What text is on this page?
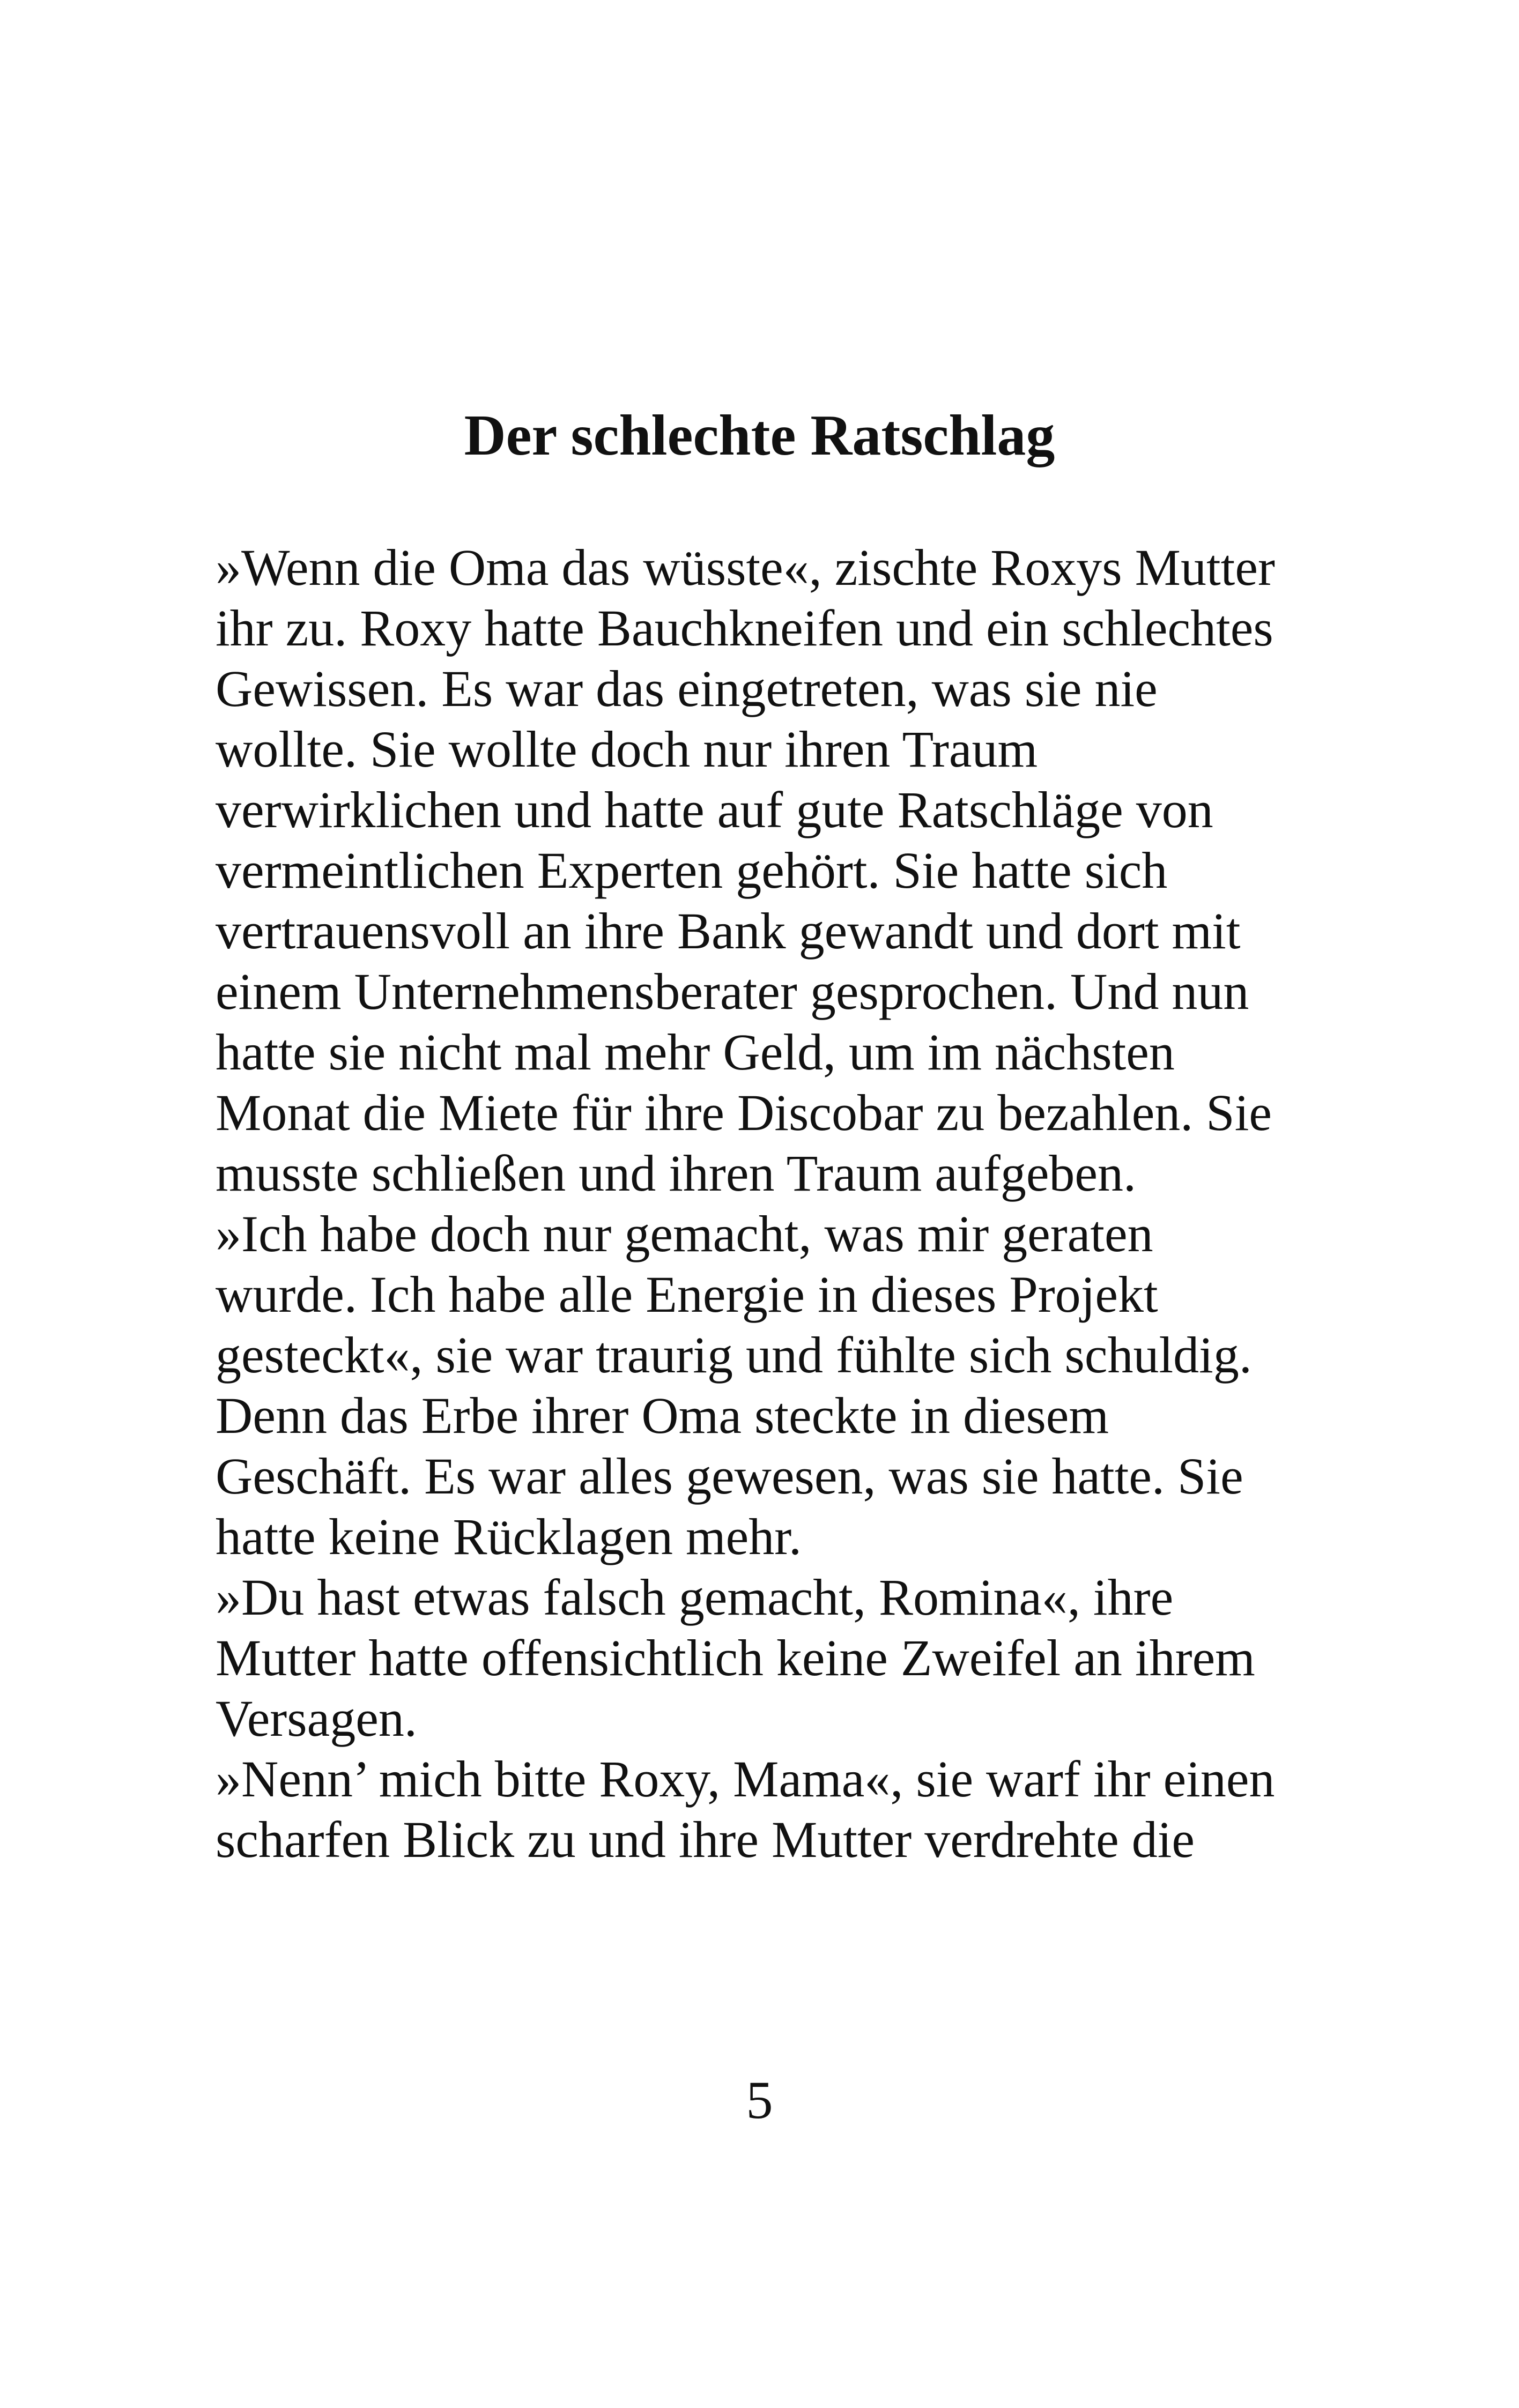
Der schlechte Ratschlag
»Wenn die Oma das wüsste«, zischte Roxys Mutter
ihr zu. Roxy hatte Bauchkneifen und ein schlechtes
Gewissen. Es war das eingetreten, was sie nie
wollte. Sie wollte doch nur ihren Traum
verwirklichen und hatte auf gute Ratschläge von
vermeintlichen Experten gehört. Sie hatte sich
vertrauensvoll an ihre Bank gewandt und dort mit
einem Unternehmensberater gesprochen. Und nun
hatte sie nicht mal mehr Geld, um im nächsten
Monat die Miete für ihre Discobar zu bezahlen. Sie
musste schließen und ihren Traum aufgeben.
»Ich habe doch nur gemacht, was mir geraten
wurde. Ich habe alle Energie in dieses Projekt
gesteckt«, sie war traurig und fühlte sich schuldig.
Denn das Erbe ihrer Oma steckte in diesem
Geschäft. Es war alles gewesen, was sie hatte. Sie
hatte keine Rücklagen mehr.
»Du hast etwas falsch gemacht, Romina«, ihre
Mutter hatte offensichtlich keine Zweifel an ihrem
Versagen.
»Nenn’ mich bitte Roxy, Mama«, sie warf ihr einen
scharfen Blick zu und ihre Mutter verdrehte die
5
